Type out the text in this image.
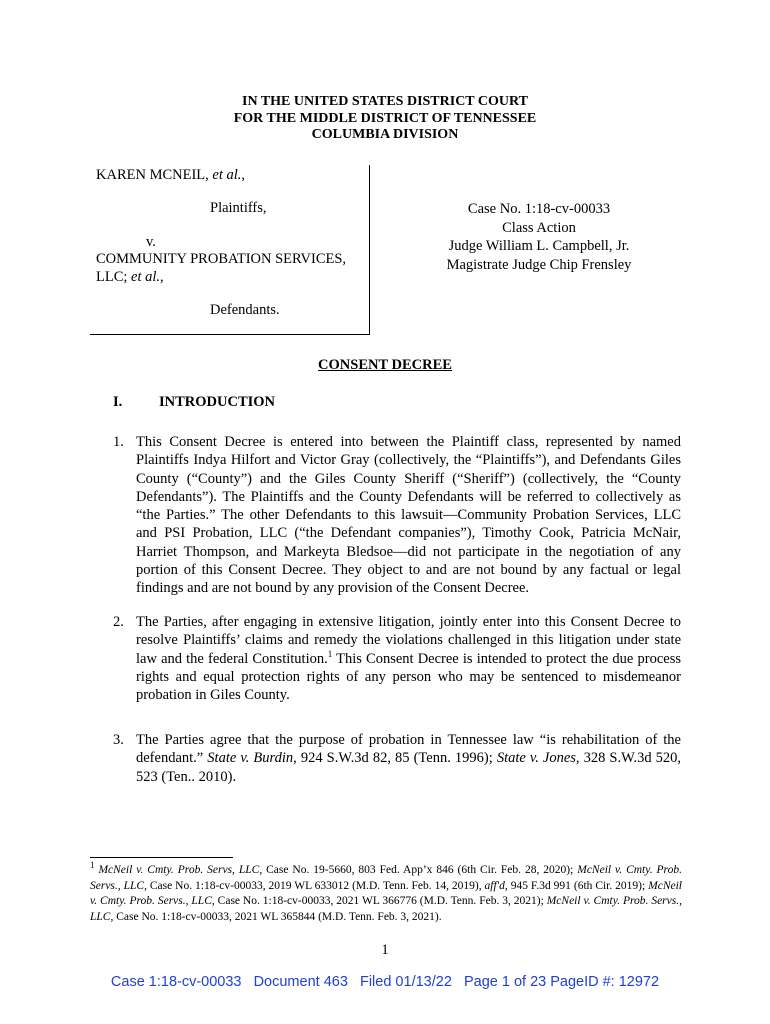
IN THE UNITED STATES DISTRICT COURT
FOR THE MIDDLE DISTRICT OF TENNESSEE
COLUMBIA DIVISION
KAREN MCNEIL, et al.,
Plaintiffs,
v.
COMMUNITY PROBATION SERVICES, LLC; et al.,
Defendants.
Case No. 1:18-cv-00033
Class Action
Judge William L. Campbell, Jr.
Magistrate Judge Chip Frensley
CONSENT DECREE
I.	INTRODUCTION
1. This Consent Decree is entered into between the Plaintiff class, represented by named Plaintiffs Indya Hilfort and Victor Gray (collectively, the “Plaintiffs”), and Defendants Giles County (“County”) and the Giles County Sheriff (“Sheriff”) (collectively, the “County Defendants”). The Plaintiffs and the County Defendants will be referred to collectively as “the Parties.” The other Defendants to this lawsuit—Community Probation Services, LLC and PSI Probation, LLC (“the Defendant companies”), Timothy Cook, Patricia McNair, Harriet Thompson, and Markeyta Bledsoe—did not participate in the negotiation of any portion of this Consent Decree. They object to and are not bound by any factual or legal findings and are not bound by any provision of the Consent Decree.
2. The Parties, after engaging in extensive litigation, jointly enter into this Consent Decree to resolve Plaintiffs’ claims and remedy the violations challenged in this litigation under state law and the federal Constitution.$^1$ This Consent Decree is intended to protect the due process rights and equal protection rights of any person who may be sentenced to misdemeanor probation in Giles County.
3. The Parties agree that the purpose of probation in Tennessee law “is rehabilitation of the defendant.” State v. Burdin, 924 S.W.3d 82, 85 (Tenn. 1996); State v. Jones, 328 S.W.3d 520, 523 (Ten.. 2010).
$^1$ McNeil v. Cmty. Prob. Servs, LLC, Case No. 19-5660, 803 Fed. App’x 846 (6th Cir. Feb. 28, 2020); McNeil v. Cmty. Prob. Servs., LLC, Case No. 1:18-cv-00033, 2019 WL 633012 (M.D. Tenn. Feb. 14, 2019), aff'd, 945 F.3d 991 (6th Cir. 2019); McNeil v. Cmty. Prob. Servs., LLC, Case No. 1:18-cv-00033, 2021 WL 366776 (M.D. Tenn. Feb. 3, 2021); McNeil v. Cmty. Prob. Servs., LLC, Case No. 1:18-cv-00033, 2021 WL 365844 (M.D. Tenn. Feb. 3, 2021).
1
Case 1:18-cv-00033   Document 463   Filed 01/13/22   Page 1 of 23 PageID #: 12972
